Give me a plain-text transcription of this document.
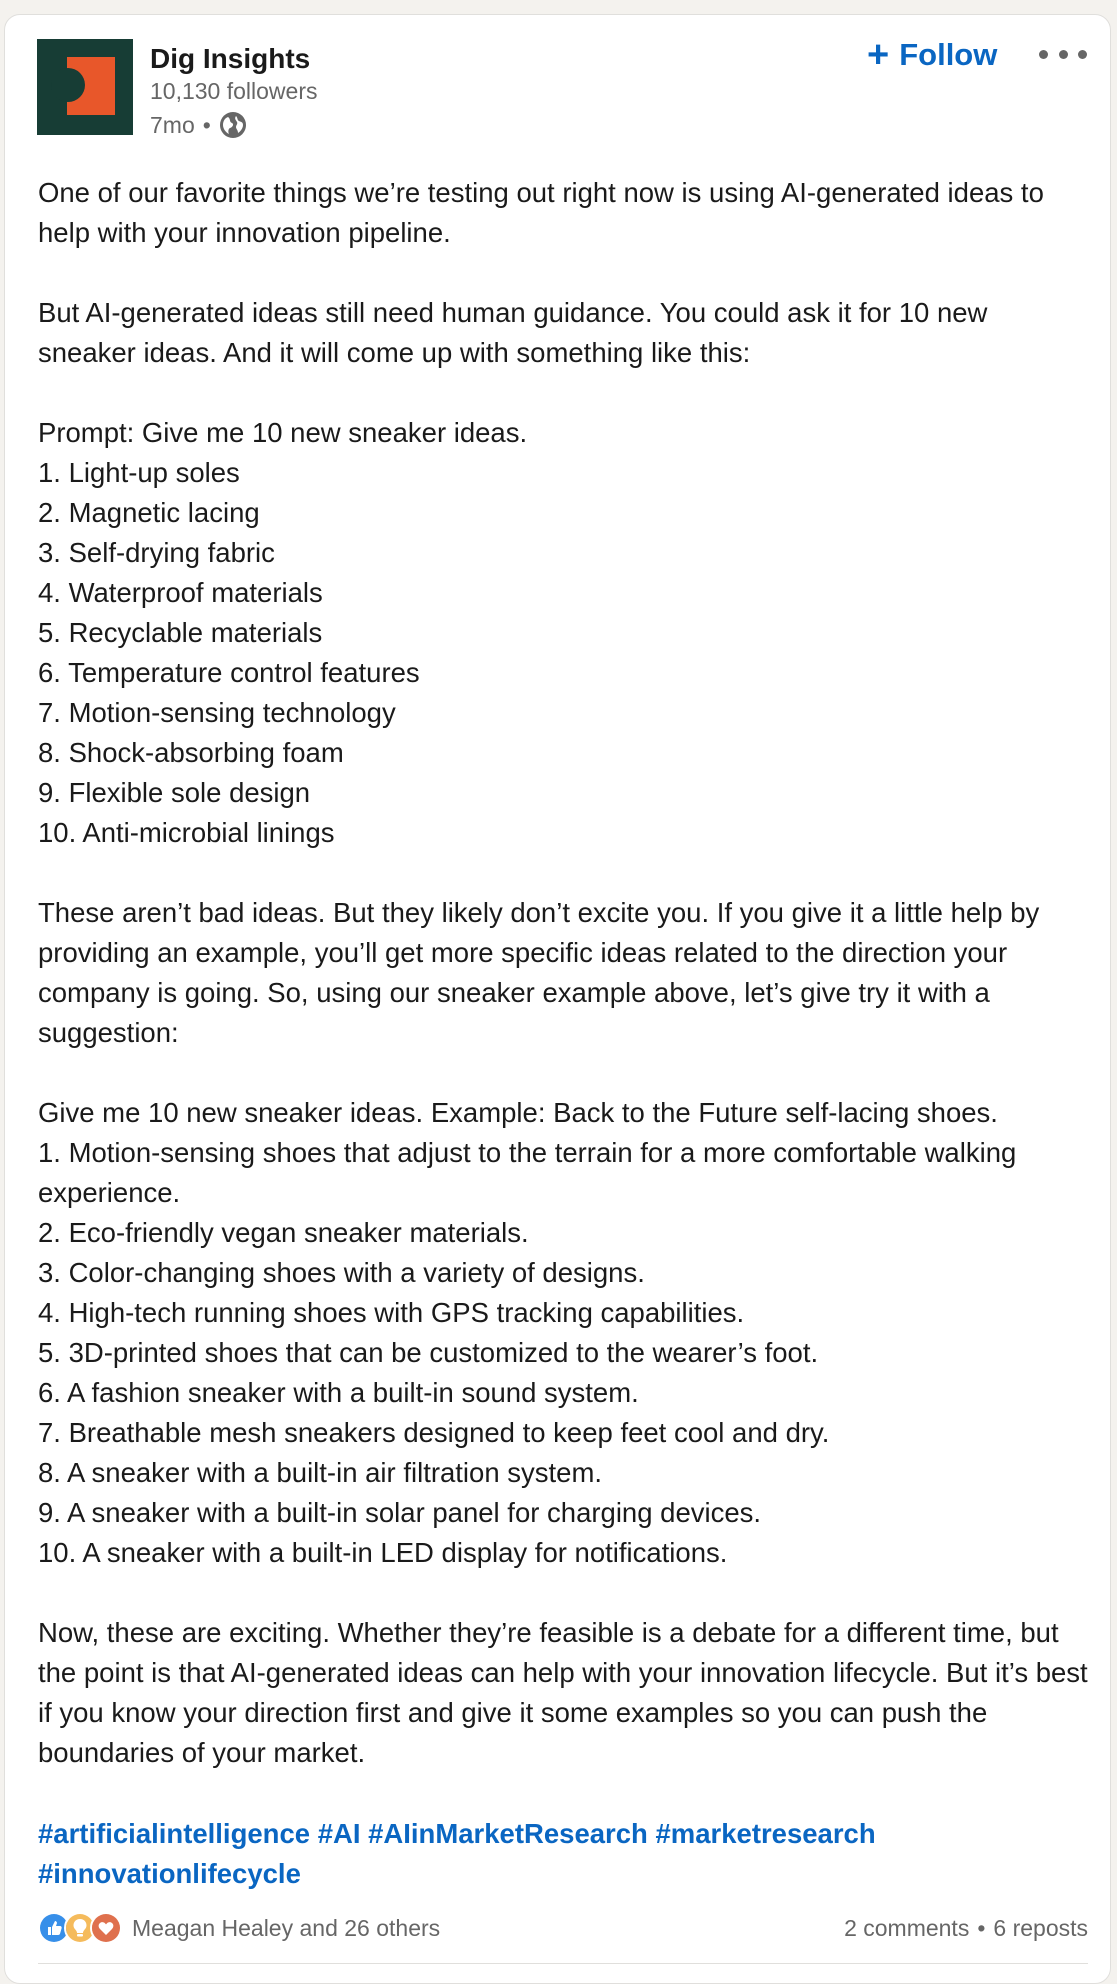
Dig Insights
10,130 followers
7mo •
+ Follow

One of our favorite things we’re testing out right now is using AI-generated ideas to help with your innovation pipeline.

But AI-generated ideas still need human guidance. You could ask it for 10 new sneaker ideas. And it will come up with something like this:

Prompt: Give me 10 new sneaker ideas.

1. Light-up soles
2. Magnetic lacing
3. Self-drying fabric
4. Waterproof materials
5. Recyclable materials
6. Temperature control features
7. Motion-sensing technology
8. Shock-absorbing foam
9. Flexible sole design
10. Anti-microbial linings

These aren’t bad ideas. But they likely don’t excite you. If you give it a little help by providing an example, you’ll get more specific ideas related to the direction your company is going. So, using our sneaker example above, let’s give try it with a suggestion:

Give me 10 new sneaker ideas. Example: Back to the Future self-lacing shoes.

1. Motion-sensing shoes that adjust to the terrain for a more comfortable walking experience.
2. Eco-friendly vegan sneaker materials.
3. Color-changing shoes with a variety of designs.
4. High-tech running shoes with GPS tracking capabilities.
5. 3D-printed shoes that can be customized to the wearer’s foot.
6. A fashion sneaker with a built-in sound system.
7. Breathable mesh sneakers designed to keep feet cool and dry.
8. A sneaker with a built-in air filtration system.
9. A sneaker with a built-in solar panel for charging devices.
10. A sneaker with a built-in LED display for notifications.

Now, these are exciting. Whether they’re feasible is a debate for a different time, but the point is that AI-generated ideas can help with your innovation lifecycle. But it’s best if you know your direction first and give it some examples so you can push the boundaries of your market.

#artificialintelligence #AI #AIinMarketResearch #marketresearch
#innovationlifecycle
Meagan Healey and 26 others	2 comments • 6 reposts
